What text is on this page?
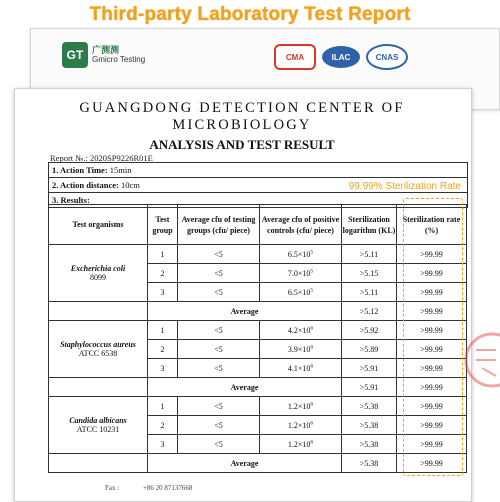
Third-party Laboratory Test Report
GT 广测测
Gmicro Testing	CMA	ILAC	CNAS
GUANGDONG DETECTION CENTER OF MICROBIOLOGY
ANALYSIS AND TEST RESULT
Report №.: 2020SP9226R01E
1. Action Time: 15min
2. Action distance: 10cm	99.99% Sterilization Rate
3. Results:
Test organisms	Test group	Average cfu of testing groups (cfu/ piece)	Average cfu of positive controls (cfu/ piece)	Sterilization logarithm (KL)	Sterilization rate (%)

Excherichia coli
8099	1	<5	$6.5\times 10^5$	>5.11	>99.99
	2	<5	$7.0\times 10^5$	>5.15	>99.99
	3	<5	$6.5\times 10^5$	>5.11	>99.99
	Average			>5.12	>99.99

Staphylococcus aureus
ATCC 6538	1	<5	$4.2\times 10^6$	>5.92	>99.99
	2	<5	$3.9\times 10^6$	>5.89	>99.99
	3	<5	$4.1\times 10^6$	>5.91	>99.99
	Average			>5.91	>99.99

Candida albicans
ATCC 10231	1	<5	$1.2\times 10^6$	>5.38	>99.99
	2	<5	$1.2\times 10^6$	>5.38	>99.99
	3	<5	$1.2\times 10^6$	>5.38	>99.99
	Average			>5.38	>99.99
Fax :	+86 20 87137668
